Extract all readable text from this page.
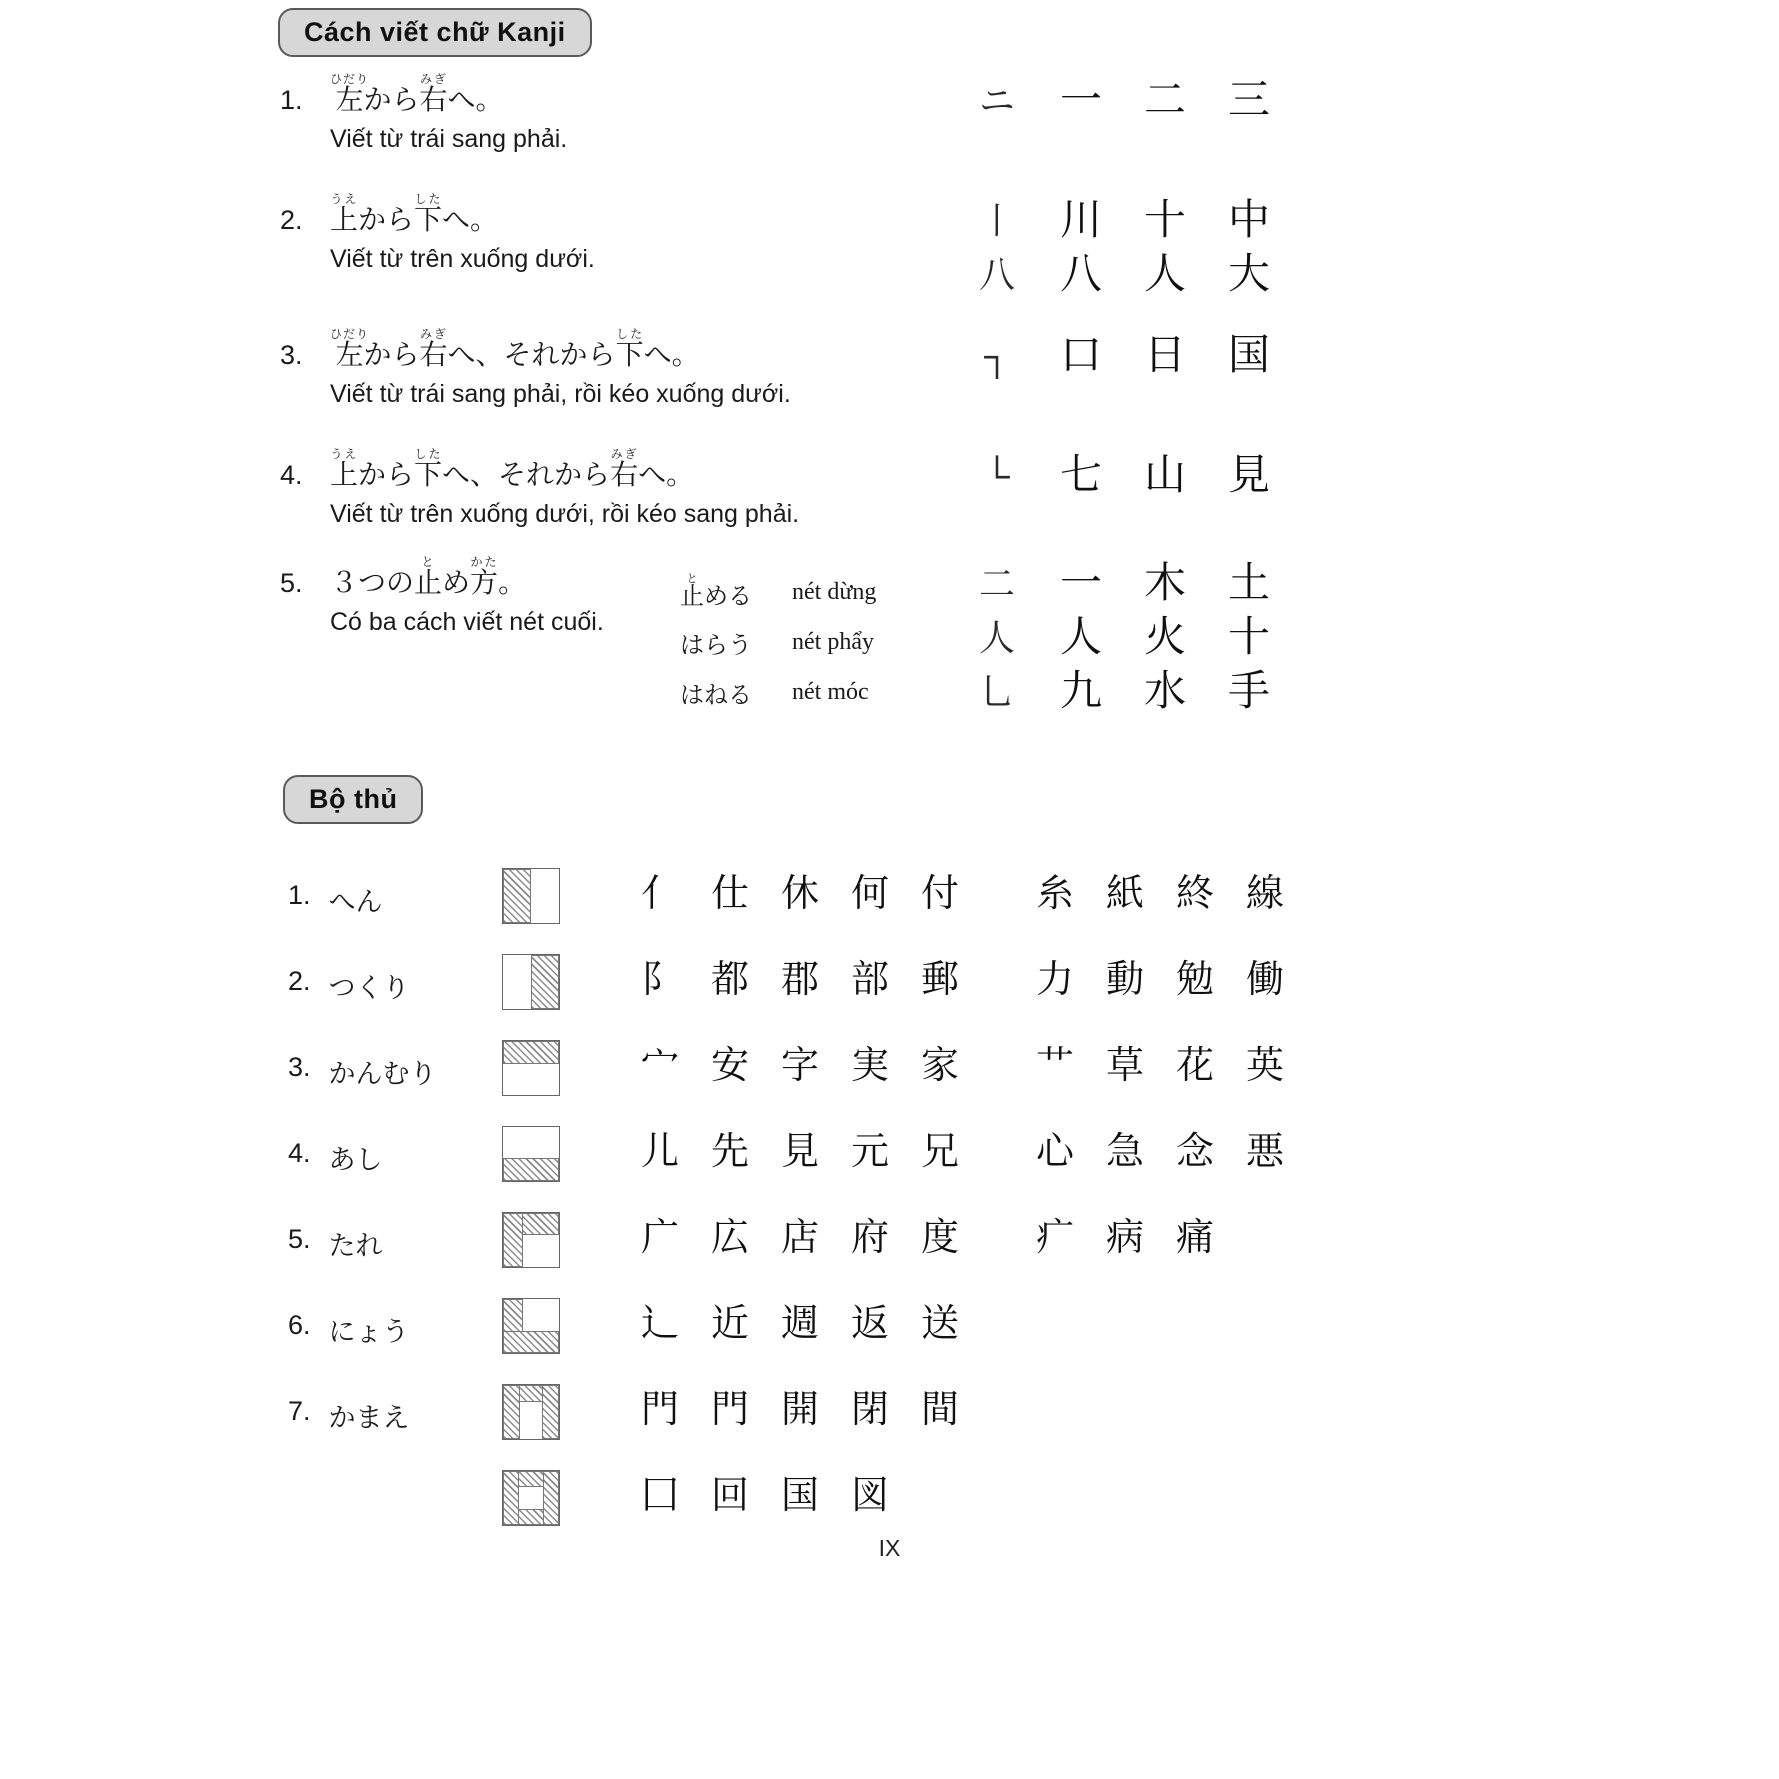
Cách viết chữ Kanji
1. 左ひだりから右みぎへ。
Viết từ trái sang phải.
ニ	一 二 三
2. 上うえから下したへ。
Viết từ trên xuống dưới.
丨	川 十 中
八	八 人 大
3. 左ひだりから右みぎへ、それから下したへ。
Viết từ trái sang phải, rồi kéo xuống dưới.
┐	口 日 国
4. 上うえから下したへ、それから右みぎへ。
Viết từ trên xuống dưới, rồi kéo sang phải.
└	七 山 見
5. ３つの止とめ方かた。
Có ba cách viết nét cuối.
止とめる	nét dừng
はらう	nét phẩy
はねる	nét móc
二	一 木 土
人	人 火 十
乚	九 水 手
Bộ thủ
1. へん	亻 仕 休 何 付	糸 紙 終 線
2. つくり	阝 都 郡 部 郵	力 動 勉 働
3. かんむり	宀 安 字 実 家	艹 草 花 英
4. あし	儿 先 見 元 兄	心 急 念 悪
5. たれ	广 広 店 府 度	疒 病 痛
6. にょう	辶 近 週 返 送
7. かまえ	門 門 開 閉 間
囗 回 国 図
IX
